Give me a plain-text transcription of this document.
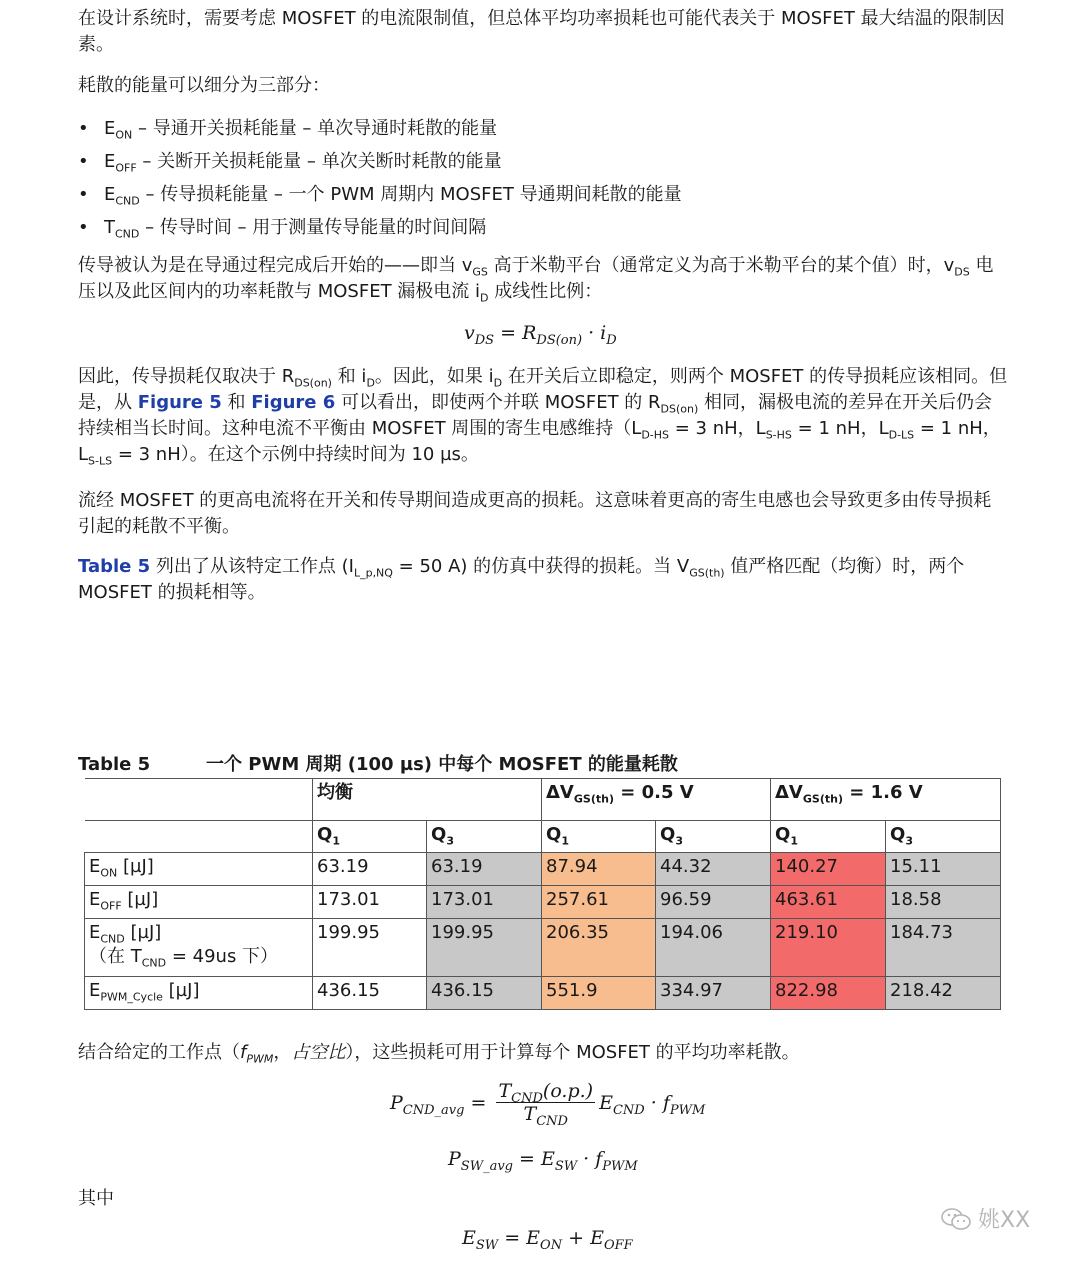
在设计系统时，需要考虑 MOSFET 的电流限制值，但总体平均功率损耗也可能代表关于 MOSFET 最大结温的限制因素。

耗散的能量可以细分为三部分：

• $E_{ON}$ – 导通开关损耗能量 – 单次导通时耗散的能量
• $E_{OFF}$ – 关断开关损耗能量 – 单次关断时耗散的能量
• $E_{CND}$ – 传导损耗能量 – 一个 PWM 周期内 MOSFET 导通期间耗散的能量
• $T_{CND}$ – 传导时间 – 用于测量传导能量的时间间隔

传导被认为是在导通过程完成后开始的——即当 $v_{GS}$ 高于米勒平台（通常定义为高于米勒平台的某个值）时，$v_{DS}$ 电压以及此区间内的功率耗散与 MOSFET 漏极电流 $i_D$ 成线性比例：

$v_{DS} = R_{DS(on)} \cdot i_D$

因此，传导损耗仅取决于 $R_{DS(on)}$ 和 $i_D$。因此，如果 $i_D$ 在开关后立即稳定，则两个 MOSFET 的传导损耗应该相同。但是，从 Figure 5 和 Figure 6 可以看出，即使两个并联 MOSFET 的 $R_{DS(on)}$ 相同，漏极电流的差异在开关后仍会持续相当长时间。这种电流不平衡由 MOSFET 周围的寄生电感维持（$L_{D-HS} = 3$ nH，$L_{S-HS} = 1$ nH，$L_{D-LS} = 1$ nH，$L_{S-LS} = 3$ nH）。在这个示例中持续时间为 10 µs。

流经 MOSFET 的更高电流将在开关和传导期间造成更高的损耗。这意味着更高的寄生电感也会导致更多由传导损耗引起的耗散不平衡。

Table 5 列出了从该特定工作点 ($I_{L\_p,NQ} = 50$ A) 的仿真中获得的损耗。当 $V_{GS(th)}$ 值严格匹配（均衡）时，两个 MOSFET 的损耗相等。

Table 5	一个 PWM 周期 (100 µs) 中每个 MOSFET 的能量耗散
	均衡		$\Delta V_{GS(th)} = 0.5$ V		$\Delta V_{GS(th)} = 1.6$ V	
	$Q_1$	$Q_3$	$Q_1$	$Q_3$	$Q_1$	$Q_3$
$E_{ON}$ [µJ]	63.19	63.19	87.94	44.32	140.27	15.11
$E_{OFF}$ [µJ]	173.01	173.01	257.61	96.59	463.61	18.58
$E_{CND}$ [µJ]
（在 $T_{CND} = 49us$ 下）	199.95	199.95	206.35	194.06	219.10	184.73
$E_{PWM\_Cycle}$ [µJ]	436.15	436.15	551.9	334.97	822.98	218.42

结合给定的工作点（$f_{PWM}$，占空比），这些损耗可用于计算每个 MOSFET 的平均功率耗散。

$P_{CND\_avg}$ =
$T_{CND}(o.p.)$
$T_{CND}$
$E_{CND} \cdot f_{PWM}$
$P_{SW\_avg} = E_{SW} \cdot f_{PWM}$

其中

$E_{SW} = E_{ON} + E_{OFF}$
姚XX
